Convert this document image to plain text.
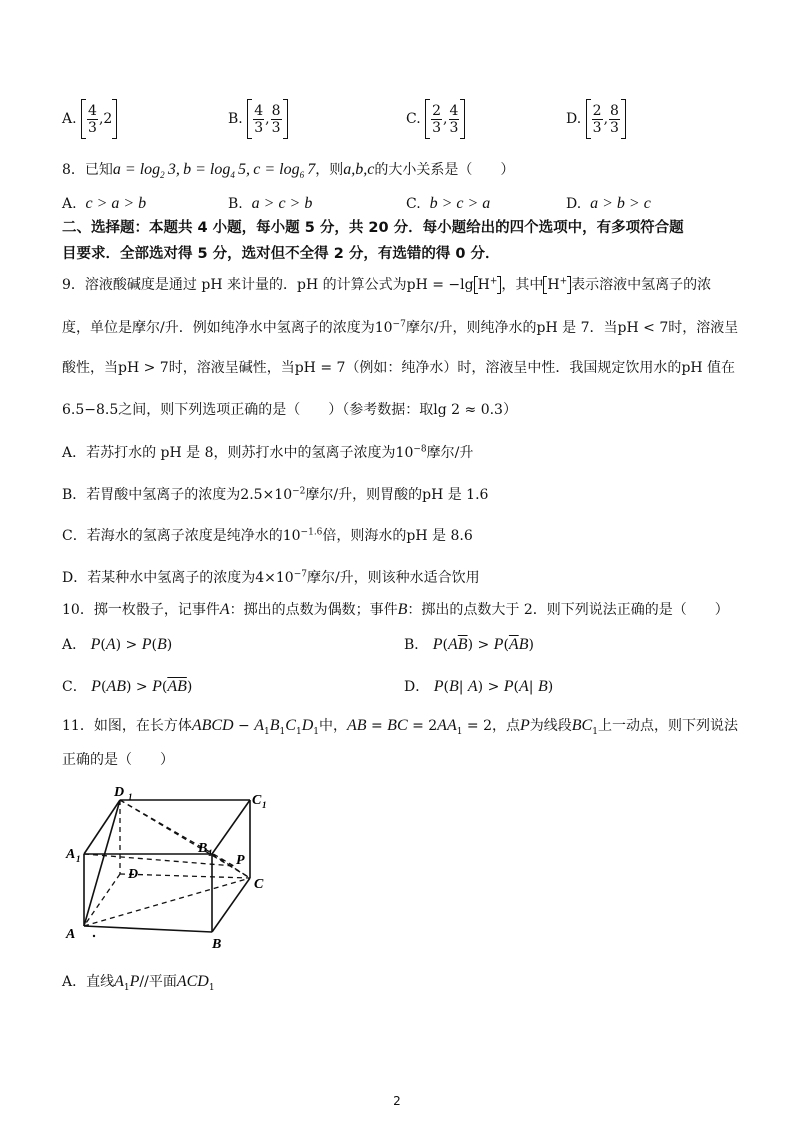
A.
$\frac{4}{3} ,2$	B.
$\frac{4}{3}$ , $\frac{8}{3}$	C.
$\frac{2}{3}$ , $\frac{4}{3}$	D.
$\frac{2}{3}$ , $\frac{8}{3}$
8．已知$a = \log_2 3$, $b = \log_4 5$, $c = \log_6 7$，则a,b,c的大小关系是（　　）
A. c > a > b	B. a > c > b	C. b > c > a	D. a > b > c
二、选择题：本题共 4 小题，每小题 5 分，共 20 分．每小题给出的四个选项中，有多项符合题
目要求．全部选对得 5 分，选对但不全得 2 分，有选错的得 0 分．
9．溶液酸碱度是通过 pH 来计量的．pH 的计算公式为pH = −lg H+ ，其中 H+ 表示溶液中氢离子的浓
度，单位是摩尔/升．例如纯净水中氢离子的浓度为$10^{-7}$摩尔/升，则纯净水的pH 是 7．当pH < 7时，溶液呈
酸性，当pH > 7时，溶液呈碱性，当pH = 7（例如：纯净水）时，溶液呈中性．我国规定饮用水的pH 值在
6.5−8.5之间，则下列选项正确的是（　　）（参考数据：取lg 2 ≈ 0.3）
A．若苏打水的 pH 是 8，则苏打水中的氢离子浓度为$10^{-8}$摩尔/升
B．若胃酸中氢离子的浓度为$2.5\times 10^{-2}$摩尔/升，则胃酸的pH 是 1.6
C．若海水的氢离子浓度是纯净水的$10^{-1.6}$倍，则海水的pH 是 8.6
D．若某种水中氢离子的浓度为$4\times 10^{-7}$摩尔/升，则该种水适合饮用
10．掷一枚骰子，记事件A：掷出的点数为偶数；事件B：掷出的点数大于 2．则下列说法正确的是（　　）
A． P(A) > P(B)	B． $P(A\overline{B}) > P(\overline{A}B)$
C． $P(AB) > P(\overline{AB})$	D． P(B| A) > P(A| B)
11．如图，在长方体ABCD − $A_1B_1C_1D_1$中，AB = BC = $2AA_1 = 2$，点P为线段$BC_1$上一动点，则下列说法
正确的是（　　）
D 1	C 1
A 1
B 1
D
C
A
B
P
A．直线$A_1P//$平面$ACD_1$
2
